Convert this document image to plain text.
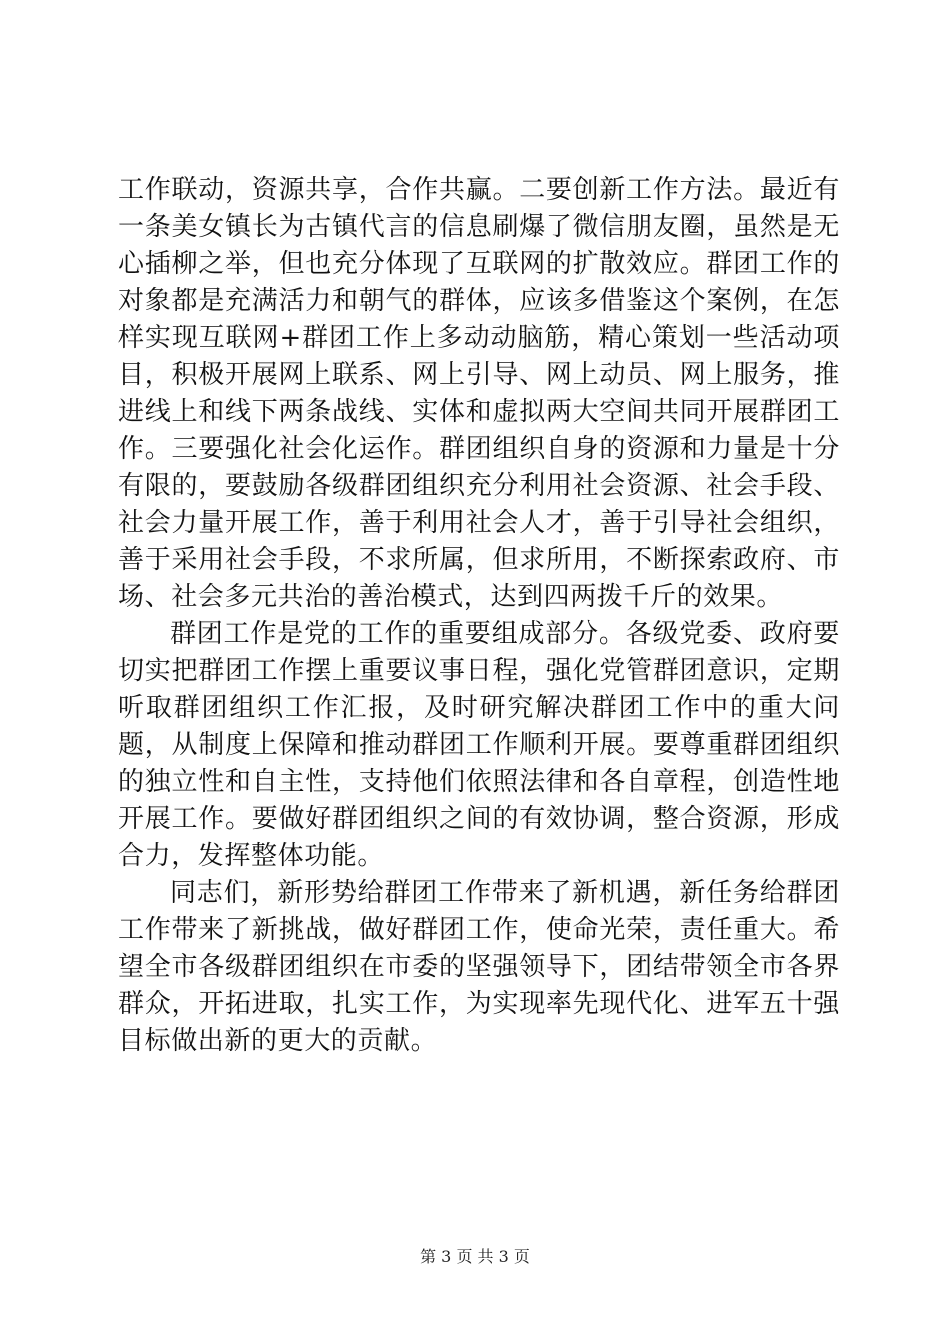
工作联动，资源共享，合作共赢。二要创新工作方法。最近有一条美女镇长为古镇代言的信息刷爆了微信朋友圈，虽然是无心插柳之举，但也充分体现了互联网的扩散效应。群团工作的对象都是充满活力和朝气的群体，应该多借鉴这个案例，在怎样实现互联网+群团工作上多动动脑筋，精心策划一些活动项目，积极开展网上联系、网上引导、网上动员、网上服务，推进线上和线下两条战线、实体和虚拟两大空间共同开展群团工作。三要强化社会化运作。群团组织自身的资源和力量是十分有限的，要鼓励各级群团组织充分利用社会资源、社会手段、社会力量开展工作，善于利用社会人才，善于引导社会组织，善于采用社会手段，不求所属，但求所用，不断探索政府、市场、社会多元共治的善治模式，达到四两拨千斤的效果。

群团工作是党的工作的重要组成部分。各级党委、政府要切实把群团工作摆上重要议事日程，强化党管群团意识，定期听取群团组织工作汇报，及时研究解决群团工作中的重大问题，从制度上保障和推动群团工作顺利开展。要尊重群团组织的独立性和自主性，支持他们依照法律和各自章程，创造性地开展工作。要做好群团组织之间的有效协调，整合资源，形成合力，发挥整体功能。

同志们，新形势给群团工作带来了新机遇，新任务给群团工作带来了新挑战，做好群团工作，使命光荣，责任重大。希望全市各级群团组织在市委的坚强领导下，团结带领全市各界群众，开拓进取，扎实工作，为实现率先现代化、进军五十强目标做出新的更大的贡献。

第 3 页 共 3 页
